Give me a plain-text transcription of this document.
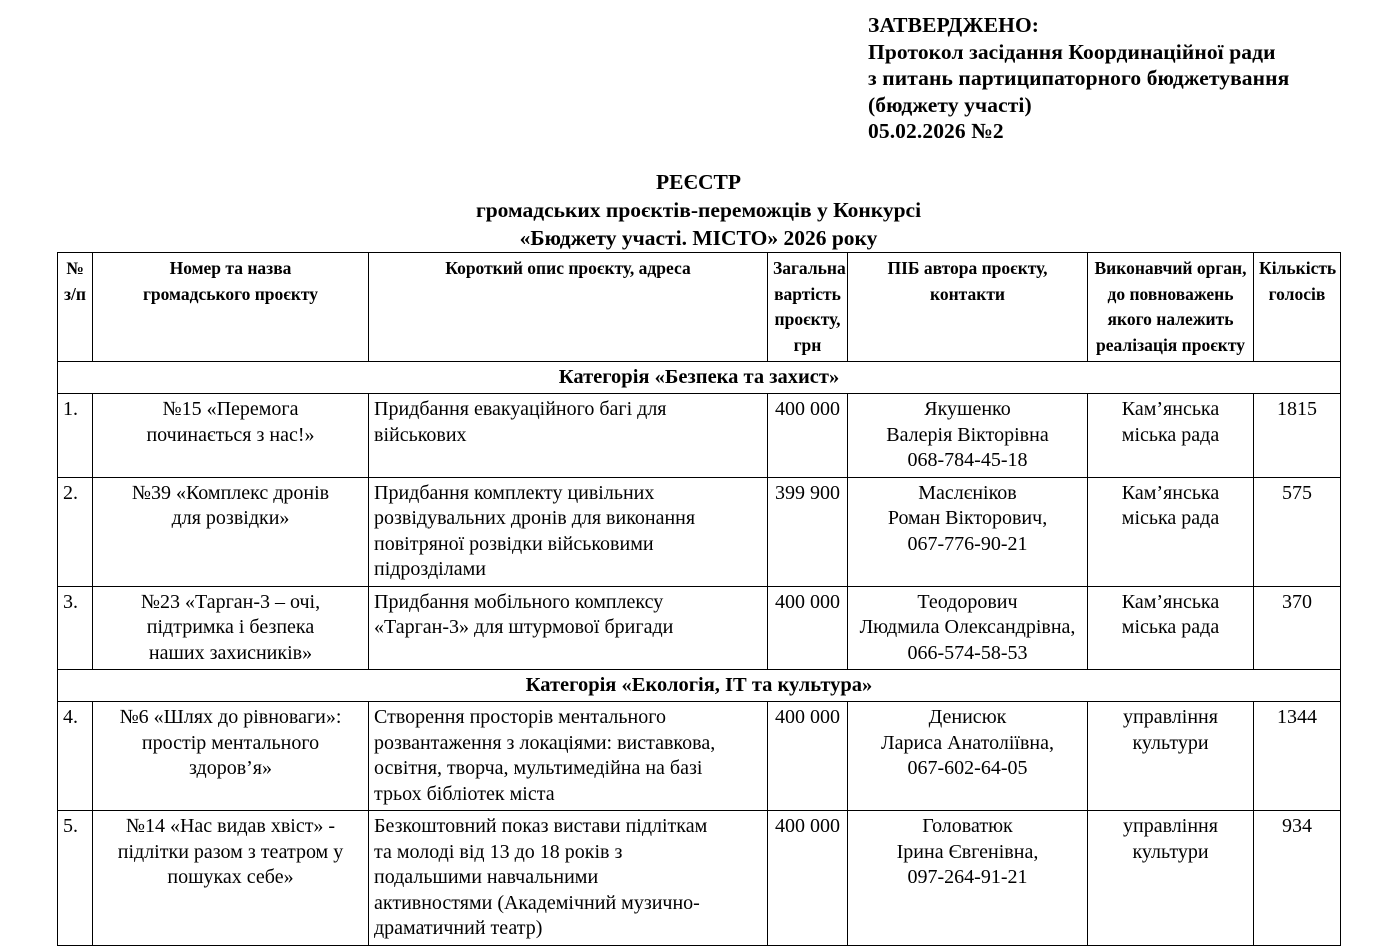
ЗАТВЕРДЖЕНО:
Протокол засідання Координаційної ради
з питань партиципаторного бюджетування
(бюджету участі)
05.02.2026 №2
РЕЄСТР
громадських проєктів-переможців у Конкурсі
«Бюджету участі. МІСТО» 2026 року
№
з/п	Номер та назва
громадського проєкту	Короткий опис проєкту, адреса	Загальна
вартість
проєкту,
грн	ПІБ автора проєкту, контакти	Виконавчий орган,
до повноважень
якого належить
реалізація проєкту	Кількість
голосів

Категорія «Безпека та захист»						
1.	№15 «Перемога
починається з нас!»	Придбання евакуаційного багі для
військових	400 000	Якушенко
Валерія Вікторівна
068-784-45-18	Кам’янська
міська рада	1815
2.	№39 «Комплекс дронів
для розвідки»	Придбання комплекту цивільних
розвідувальних дронів для виконання
повітряної розвідки військовими
підрозділами	399 900	Маслєніков
Роман Вікторович,
067-776-90-21	Кам’янська
міська рада	575
3.	№23 «Тарган-3 – очі,
підтримка і безпека
наших захисників»	Придбання мобільного комплексу
«Тарган-3» для штурмової бригади	400 000	Теодорович
Людмила Олександрівна,
066-574-58-53	Кам’янська
міська рада	370
Категорія «Екологія, ІТ та культура»						
4.	№6 «Шлях до рівноваги»:
простір ментального
здоров’я»	Створення просторів ментального
розвантаження з локаціями: виставкова,
освітня, творча, мультимедійна на базі
трьох бібліотек міста	400 000	Денисюк
Лариса Анатоліївна,
067-602-64-05	управління
культури	1344
5.	№14 «Нас видав хвіст» -
підлітки разом з театром у
пошуках себе»	Безкоштовний показ вистави підліткам
та молоді від 13 до 18 років з
подальшими навчальними
активностями (Академічний музично-
драматичний театр)	400 000	Головатюк
Ірина Євгенівна,
097-264-91-21	управління
культури	934
